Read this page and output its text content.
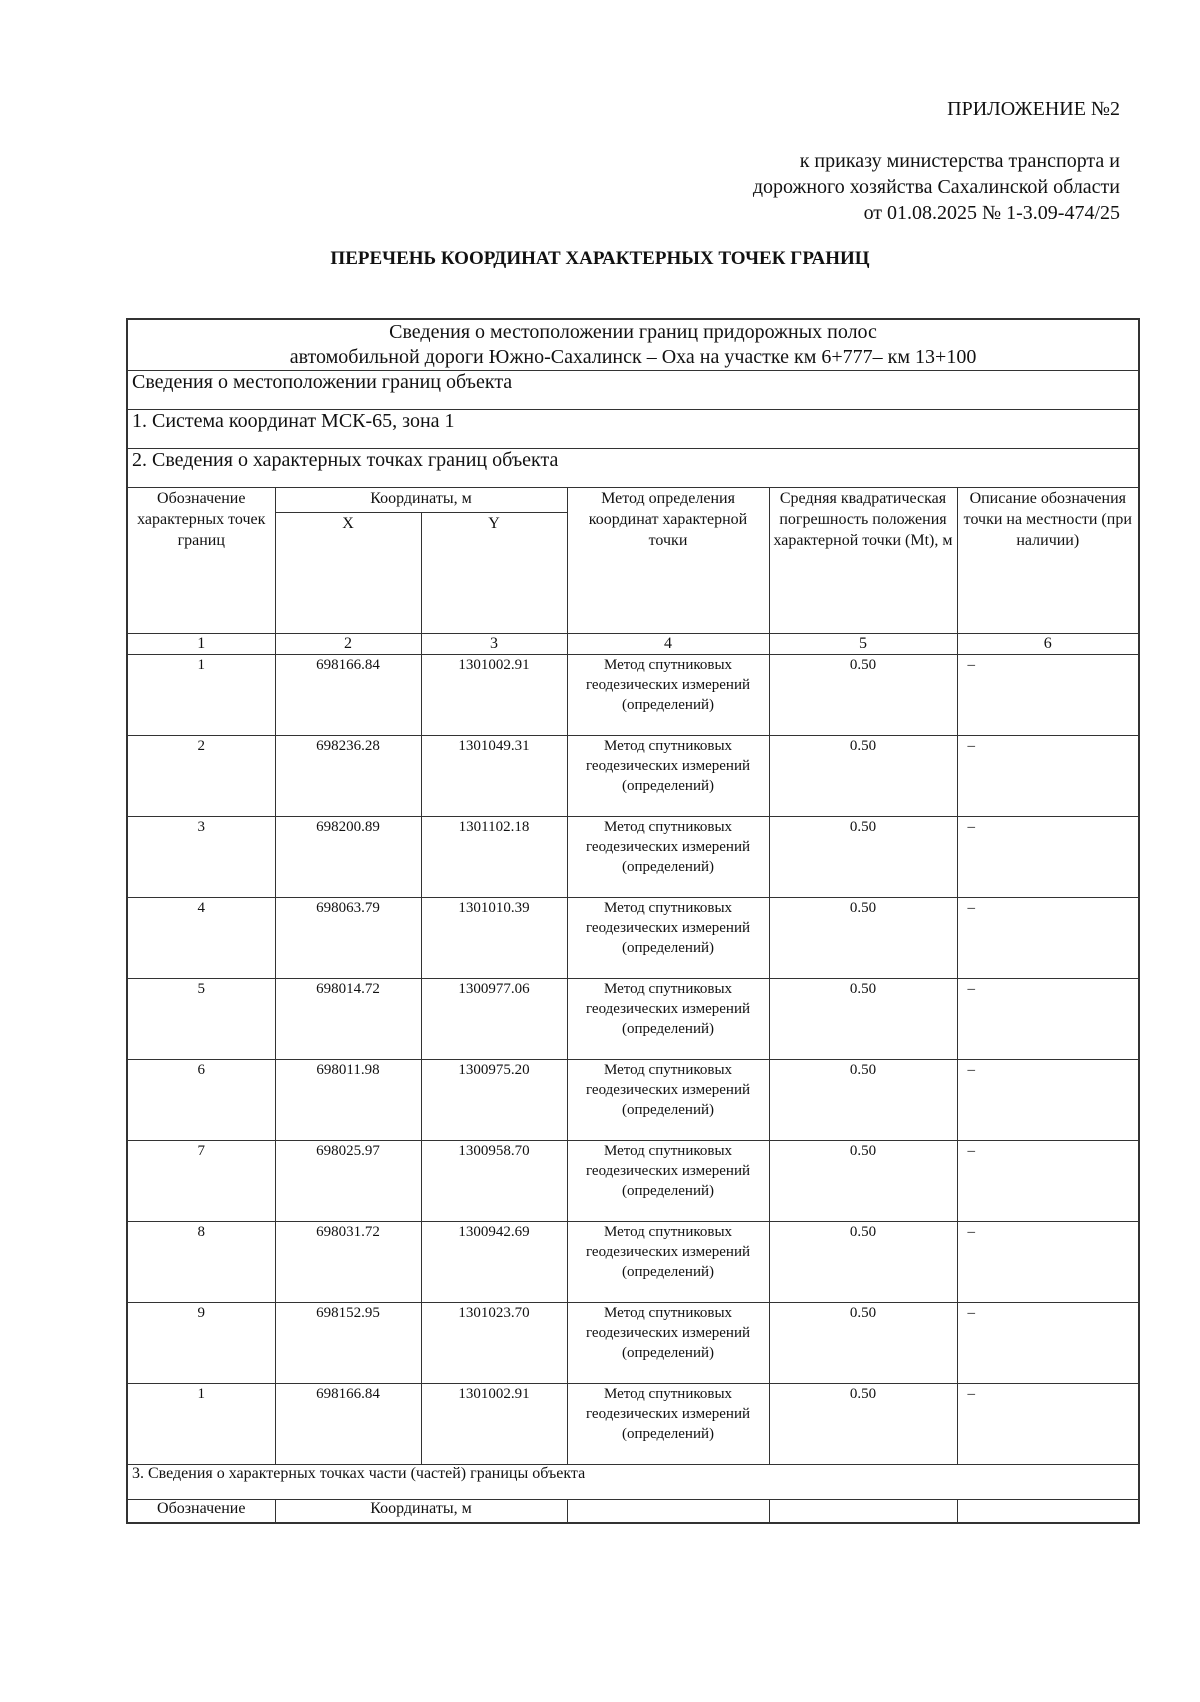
ПРИЛОЖЕНИЕ №2
к приказу министерства транспорта и
дорожного хозяйства Сахалинской области
от 01.08.2025 № 1-3.09-474/25
ПЕРЕЧЕНЬ КООРДИНАТ ХАРАКТЕРНЫХ ТОЧЕК ГРАНИЦ
Сведения о местоположении границ придорожных полос
автомобильной дороги Южно-Сахалинск – Оха на участке км 6+777– км 13+100					

Сведения о местоположении границ объекта					
1. Система координат МСК-65, зона 1					
2. Сведения о характерных точках границ объекта					
Обозначение характерных точек границ	Координаты, м		Метод определения координат характерной точки	Средняя квадратическая погрешность положения характерной точки (Mt), м	Описание обозначения точки на местности (при наличии)
	X	Y			
1	2	3	4	5	6
1	698166.84	1301002.91	Метод спутниковых геодезических измерений (определений)	0.50	–
2	698236.28	1301049.31	Метод спутниковых геодезических измерений (определений)	0.50	–
3	698200.89	1301102.18	Метод спутниковых геодезических измерений (определений)	0.50	–
4	698063.79	1301010.39	Метод спутниковых геодезических измерений (определений)	0.50	–
5	698014.72	1300977.06	Метод спутниковых геодезических измерений (определений)	0.50	–
6	698011.98	1300975.20	Метод спутниковых геодезических измерений (определений)	0.50	–
7	698025.97	1300958.70	Метод спутниковых геодезических измерений (определений)	0.50	–
8	698031.72	1300942.69	Метод спутниковых геодезических измерений (определений)	0.50	–
9	698152.95	1301023.70	Метод спутниковых геодезических измерений (определений)	0.50	–
1	698166.84	1301002.91	Метод спутниковых геодезических измерений (определений)	0.50	–
3. Сведения о характерных точках части (частей) границы объекта					
Обозначение	Координаты, м				
